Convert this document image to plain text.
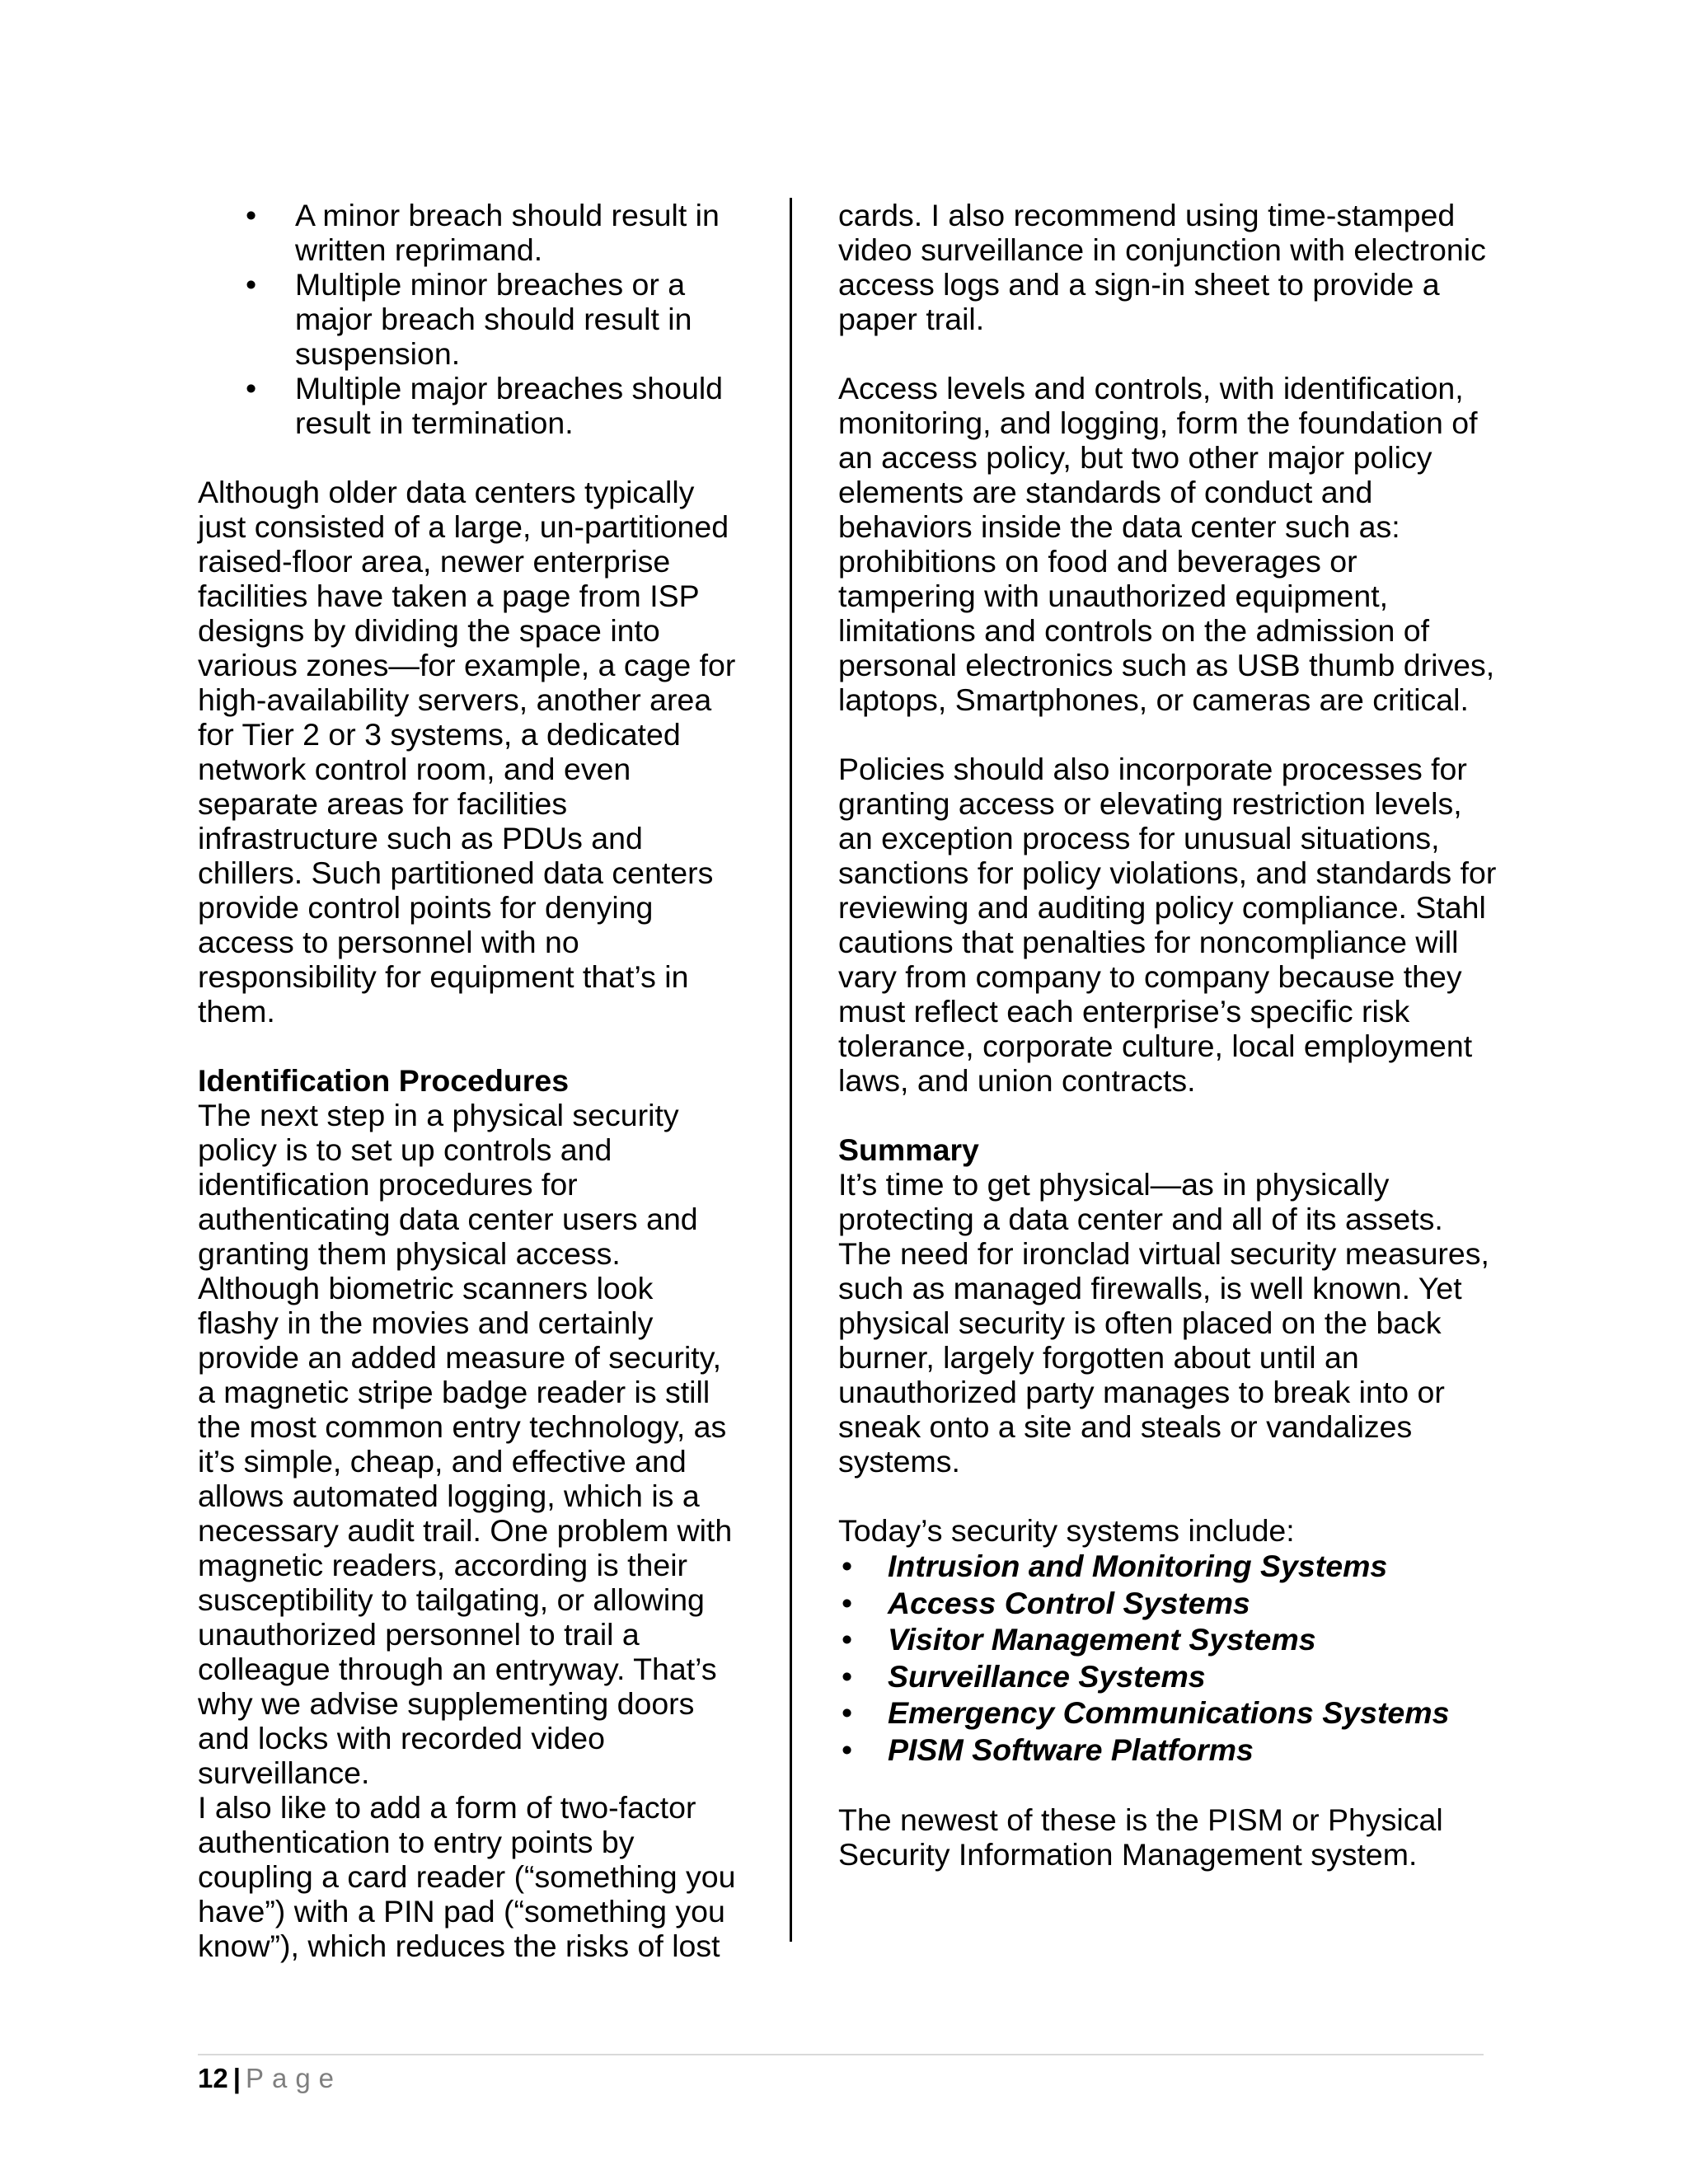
• A minor breach should result in written reprimand.
• Multiple minor breaches or a major breach should result in suspension.
• Multiple major breaches should result in termination.

Although older data centers typically just consisted of a large, un-partitioned raised-floor area, newer enterprise facilities have taken a page from ISP designs by dividing the space into various zones—for example, a cage for high-availability servers, another area for Tier 2 or 3 systems, a dedicated network control room, and even separate areas for facilities infrastructure such as PDUs and chillers. Such partitioned data centers provide control points for denying access to personnel with no responsibility for equipment that’s in them.

Identification Procedures

The next step in a physical security policy is to set up controls and identification procedures for authenticating data center users and granting them physical access. Although biometric scanners look flashy in the movies and certainly provide an added measure of security, a magnetic stripe badge reader is still the most common entry technology, as it’s simple, cheap, and effective and allows automated logging, which is a necessary audit trail. One problem with magnetic readers, according is their susceptibility to tailgating, or allowing unauthorized personnel to trail a colleague through an entryway. That’s why we advise supplementing doors and locks with recorded video surveillance.

I also like to add a form of two-factor authentication to entry points by coupling a card reader (“something you have”) with a PIN pad (“something you know”), which reduces the risks of lost

cards. I also recommend using time-stamped video surveillance in conjunction with electronic access logs and a sign-in sheet to provide a paper trail.

Access levels and controls, with identification, monitoring, and logging, form the foundation of an access policy, but two other major policy elements are standards of conduct and behaviors inside the data center such as: prohibitions on food and beverages or tampering with unauthorized equipment, limitations and controls on the admission of personal electronics such as USB thumb drives, laptops, Smartphones, or cameras are critical.

Policies should also incorporate processes for granting access or elevating restriction levels, an exception process for unusual situations, sanctions for policy violations, and standards for reviewing and auditing policy compliance. Stahl cautions that penalties for noncompliance will vary from company to company because they must reflect each enterprise’s specific risk tolerance, corporate culture, local employment laws, and union contracts.

Summary

It’s time to get physical—as in physically protecting a data center and all of its assets. The need for ironclad virtual security measures, such as managed firewalls, is well known. Yet physical security is often placed on the back burner, largely forgotten about until an unauthorized party manages to break into or sneak onto a site and steals or vandalizes systems.

Today’s security systems include:

• Intrusion and Monitoring Systems
• Access Control Systems
• Visitor Management Systems
• Surveillance Systems
• Emergency Communications Systems
• PISM Software Platforms

The newest of these is the PISM or Physical Security Information Management system.

12 | Page
